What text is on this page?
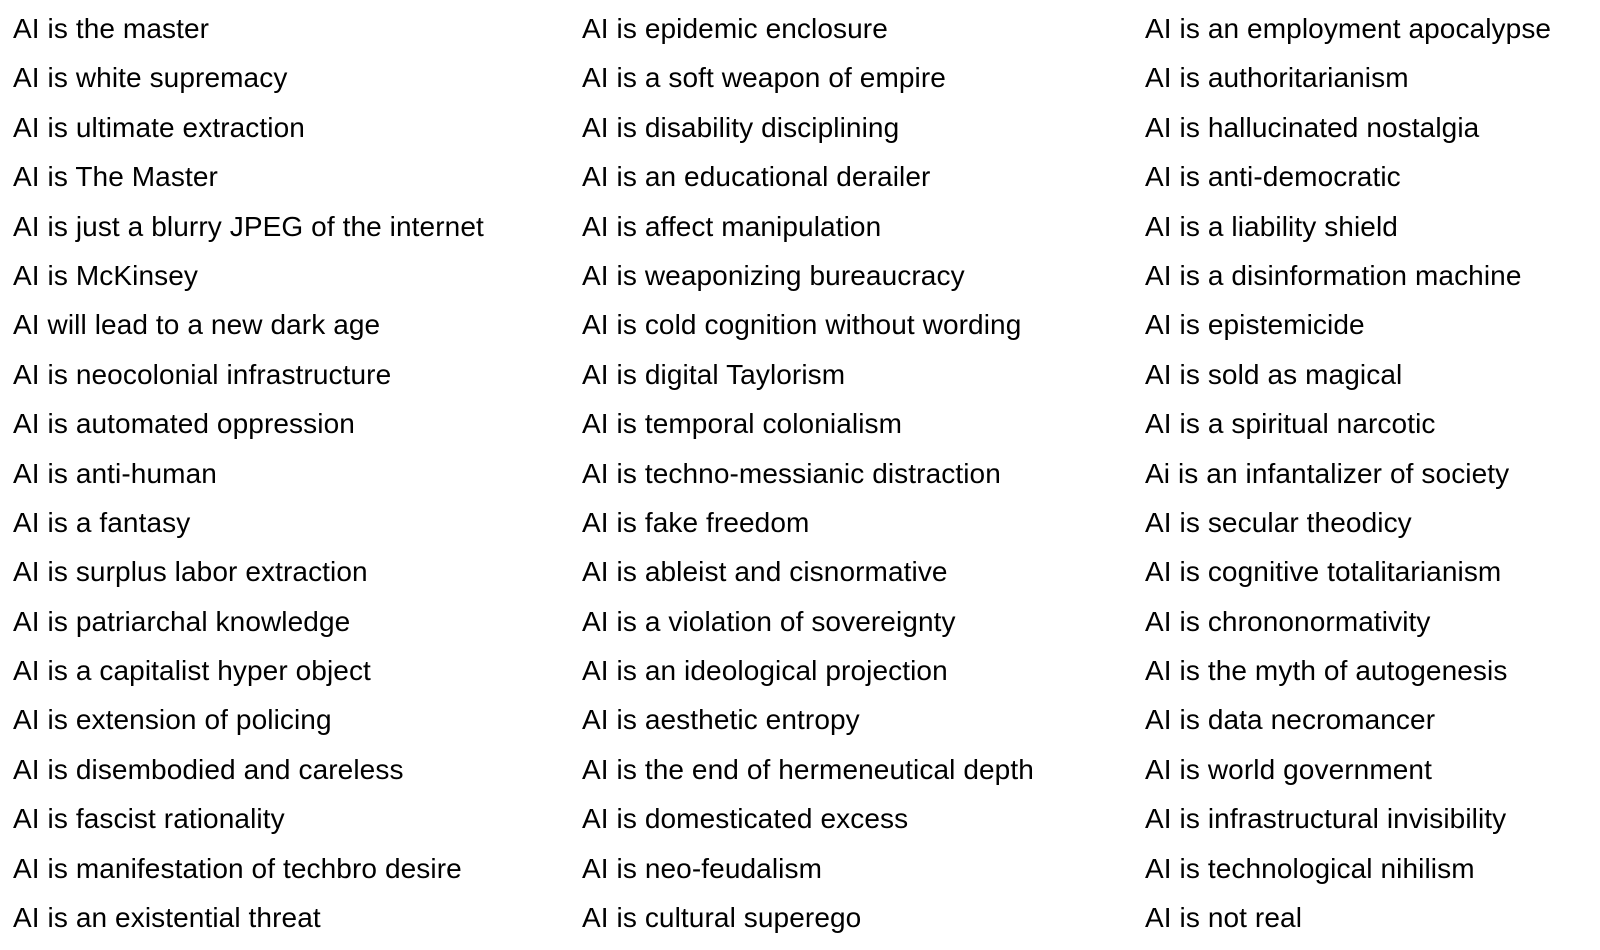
AI is the master
AI is white supremacy
AI is ultimate extraction
AI is The Master
AI is just a blurry JPEG of the internet
AI is McKinsey
AI will lead to a new dark age
AI is neocolonial infrastructure
AI is automated oppression
AI is anti-human
AI is a fantasy
AI is surplus labor extraction
AI is patriarchal knowledge
AI is a capitalist hyper object
AI is extension of policing
AI is disembodied and careless
AI is fascist rationality
AI is manifestation of techbro desire
AI is an existential threat
AI is epidemic enclosure
AI is a soft weapon of empire
AI is disability disciplining
AI is an educational derailer
AI is affect manipulation
AI is weaponizing bureaucracy
AI is cold cognition without wording
AI is digital Taylorism
AI is temporal colonialism
AI is techno-messianic distraction
AI is fake freedom
AI is ableist and cisnormative
AI is a violation of sovereignty
AI is an ideological projection
AI is aesthetic entropy
AI is the end of hermeneutical depth
AI is domesticated excess
AI is neo-feudalism
AI is cultural superego
AI is an employment apocalypse
AI is authoritarianism
AI is hallucinated nostalgia
AI is anti-democratic
AI is a liability shield
AI is a disinformation machine
AI is epistemicide
AI is sold as magical
AI is a spiritual narcotic
Ai is an infantalizer of society
AI is secular theodicy
AI is cognitive totalitarianism
AI is chrononormativity
AI is the myth of autogenesis
AI is data necromancer
AI is world government
AI is infrastructural invisibility
AI is technological nihilism
AI is not real
